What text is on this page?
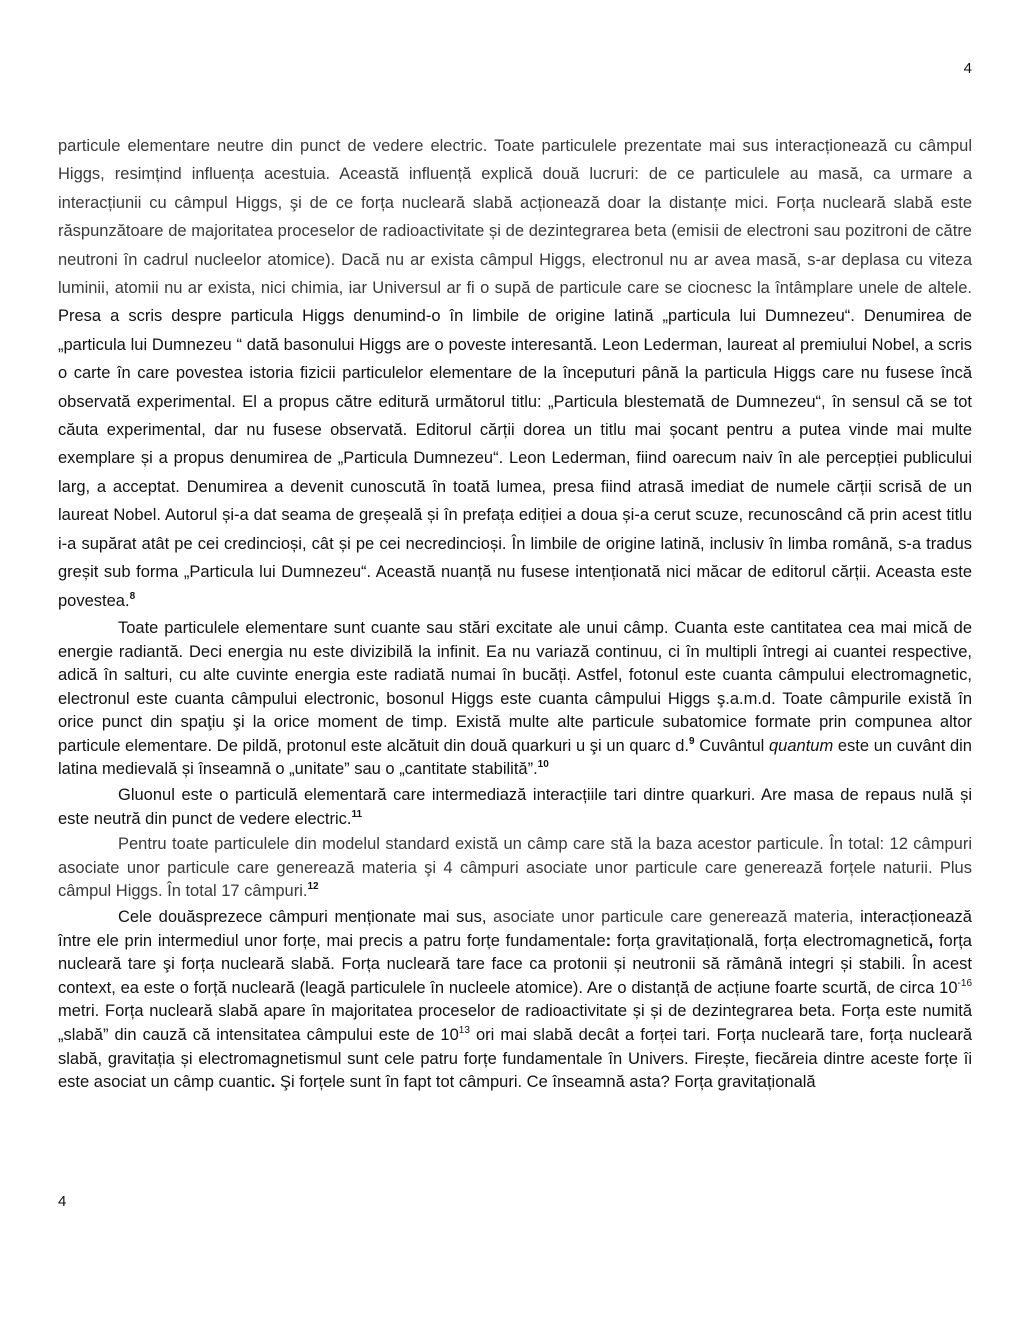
4

particule elementare neutre din punct de vedere electric. Toate particulele prezentate mai sus interacționează cu câmpul Higgs, resimțind influența acestuia. Această influență explică două lucruri: de ce particulele au masă, ca urmare a interacțiunii cu câmpul Higgs, şi de ce forța nucleară slabă acționează doar la distanțe mici. Forța nucleară slabă este răspunzătoare de majoritatea proceselor de radioactivitate și de dezintegrarea beta (emisii de electroni sau pozitroni de către neutroni în cadrul nucleelor atomice). Dacă nu ar exista câmpul Higgs, electronul nu ar avea masă, s-ar deplasa cu viteza luminii, atomii nu ar exista, nici chimia, iar Universul ar fi o supă de particule care se ciocnesc la întâmplare unele de altele. Presa a scris despre particula Higgs denumind-o în limbile de origine latină „particula lui Dumnezeu“. Denumirea de „particula lui Dumnezeu “ dată basonului Higgs are o poveste interesantă. Leon Lederman, laureat al premiului Nobel, a scris o carte în care povestea istoria fizicii particulelor elementare de la începuturi până la particula Higgs care nu fusese încă observată experimental. El a propus către editură următorul titlu: „Particula blestemată de Dumnezeu“, în sensul că se tot căuta experimental, dar nu fusese observată. Editorul cărții dorea un titlu mai șocant pentru a putea vinde mai multe exemplare și a propus denumirea de „Particula Dumnezeu“. Leon Lederman, fiind oarecum naiv în ale percepției publicului larg, a acceptat. Denumirea a devenit cunoscută în toată lumea, presa fiind atrasă imediat de numele cărții scrisă de un laureat Nobel. Autorul și-a dat seama de greșeală și în prefața ediției a doua și-a cerut scuze, recunoscând că prin acest titlu i-a supărat atât pe cei credincioși, cât și pe cei necredincioși. În limbile de origine latină, inclusiv în limba română, s-a tradus greșit sub forma „Particula lui Dumnezeu“. Această nuanță nu fusese intenționată nici măcar de editorul cărții. Aceasta este povestea.$^8$

Toate particulele elementare sunt cuante sau stări excitate ale unui câmp. Cuanta este cantitatea cea mai mică de energie radiantă. Deci energia nu este divizibilă la infinit. Ea nu variază continuu, ci în multipli întregi ai cuantei respective, adică în salturi, cu alte cuvinte energia este radiată numai în bucăți. Astfel, fotonul este cuanta câmpului electromagnetic, electronul este cuanta câmpului electronic, bosonul Higgs este cuanta câmpului Higgs ş.a.m.d. Toate câmpurile există în orice punct din spaţiu şi la orice moment de timp. Există multe alte particule subatomice formate prin compunea altor particule elementare. De pildă, protonul este alcătuit din două quarkuri u şi un quarc d.$^9$ Cuvântul quantum este un cuvânt din latina medievală și înseamnă o „unitate” sau o „cantitate stabilită”.$^{10}$

Gluonul este o particulă elementară care intermediază interacțiile tari dintre quarkuri. Are masa de repaus nulă și este neutră din punct de vedere electric.$^{11}$

Pentru toate particulele din modelul standard există un câmp care stă la baza acestor particule. În total: 12 câmpuri asociate unor particule care generează materia şi 4 câmpuri asociate unor particule care generează forțele naturii. Plus câmpul Higgs. În total 17 câmpuri.$^{12}$

Cele douăsprezece câmpuri menționate mai sus, asociate unor particule care generează materia, interacționează între ele prin intermediul unor forțe, mai precis a patru forțe fundamentale: forța gravitațională, forța electromagnetică, forța nucleară tare şi forța nucleară slabă. Forța nucleară tare face ca protonii și neutronii să rămână integri și stabili. În acest context, ea este o forță nucleară (leagă particulele în nucleele atomice). Are o distanță de acțiune foarte scurtă, de circa $10^{-16}$ metri. Forța nucleară slabă apare în majoritatea proceselor de radioactivitate și și de dezintegrarea beta. Forța este numită „slabă” din cauză că intensitatea câmpului este de $10^{13}$ ori mai slabă decât a forței tari. Forța nucleară tare, forța nucleară slabă, gravitația și electromagnetismul sunt cele patru forțe fundamentale în Univers. Firește, fiecăreia dintre aceste forțe îi este asociat un câmp cuantic. Şi forțele sunt în fapt tot câmpuri. Ce înseamnă asta? Forța gravitațională

4
